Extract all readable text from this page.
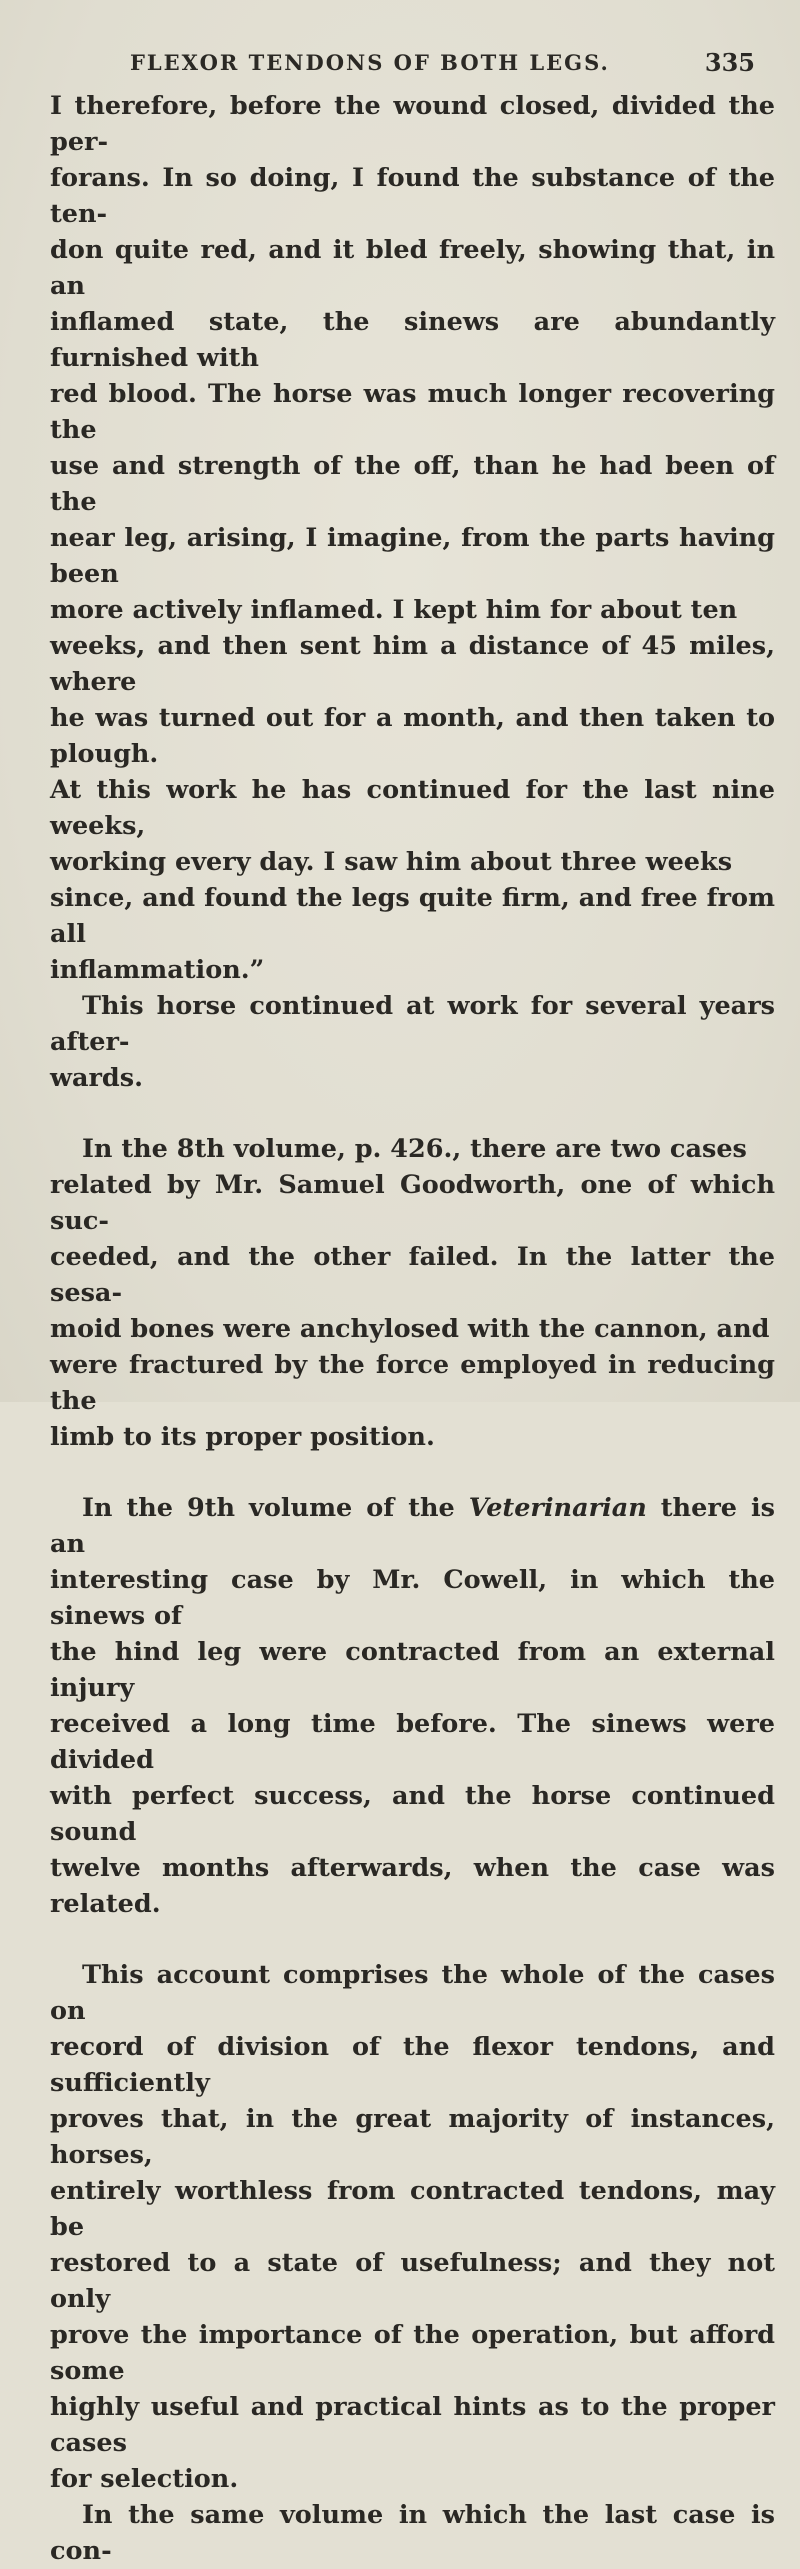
FLEXOR TENDONS OF BOTH LEGS.	335

I therefore, before the wound closed, divided the per-
forans. In so doing, I found the substance of the ten-
don quite red, and it bled freely, showing that, in an
inflamed state, the sinews are abundantly furnished with
red blood. The horse was much longer recovering the
use and strength of the off, than he had been of the
near leg, arising, I imagine, from the parts having been
more actively inflamed. I kept him for about ten
weeks, and then sent him a distance of 45 miles, where
he was turned out for a month, and then taken to plough.
At this work he has continued for the last nine weeks,
working every day. I saw him about three weeks
since, and found the legs quite firm, and free from all
inflammation.”

This horse continued at work for several years after-
wards.

In the 8th volume, p. 426., there are two cases
related by Mr. Samuel Goodworth, one of which suc-
ceeded, and the other failed. In the latter the sesa-
moid bones were anchylosed with the cannon, and
were fractured by the force employed in reducing the
limb to its proper position.

In the 9th volume of the Veterinarian there is an
interesting case by Mr. Cowell, in which the sinews of
the hind leg were contracted from an external injury
received a long time before. The sinews were divided
with perfect success, and the horse continued sound
twelve months afterwards, when the case was related.

This account comprises the whole of the cases on
record of division of the flexor tendons, and sufficiently
proves that, in the great majority of instances, horses,
entirely worthless from contracted tendons, may be
restored to a state of usefulness; and they not only
prove the importance of the operation, but afford some
highly useful and practical hints as to the proper cases
for selection.

In the same volume in which the last case is con-
